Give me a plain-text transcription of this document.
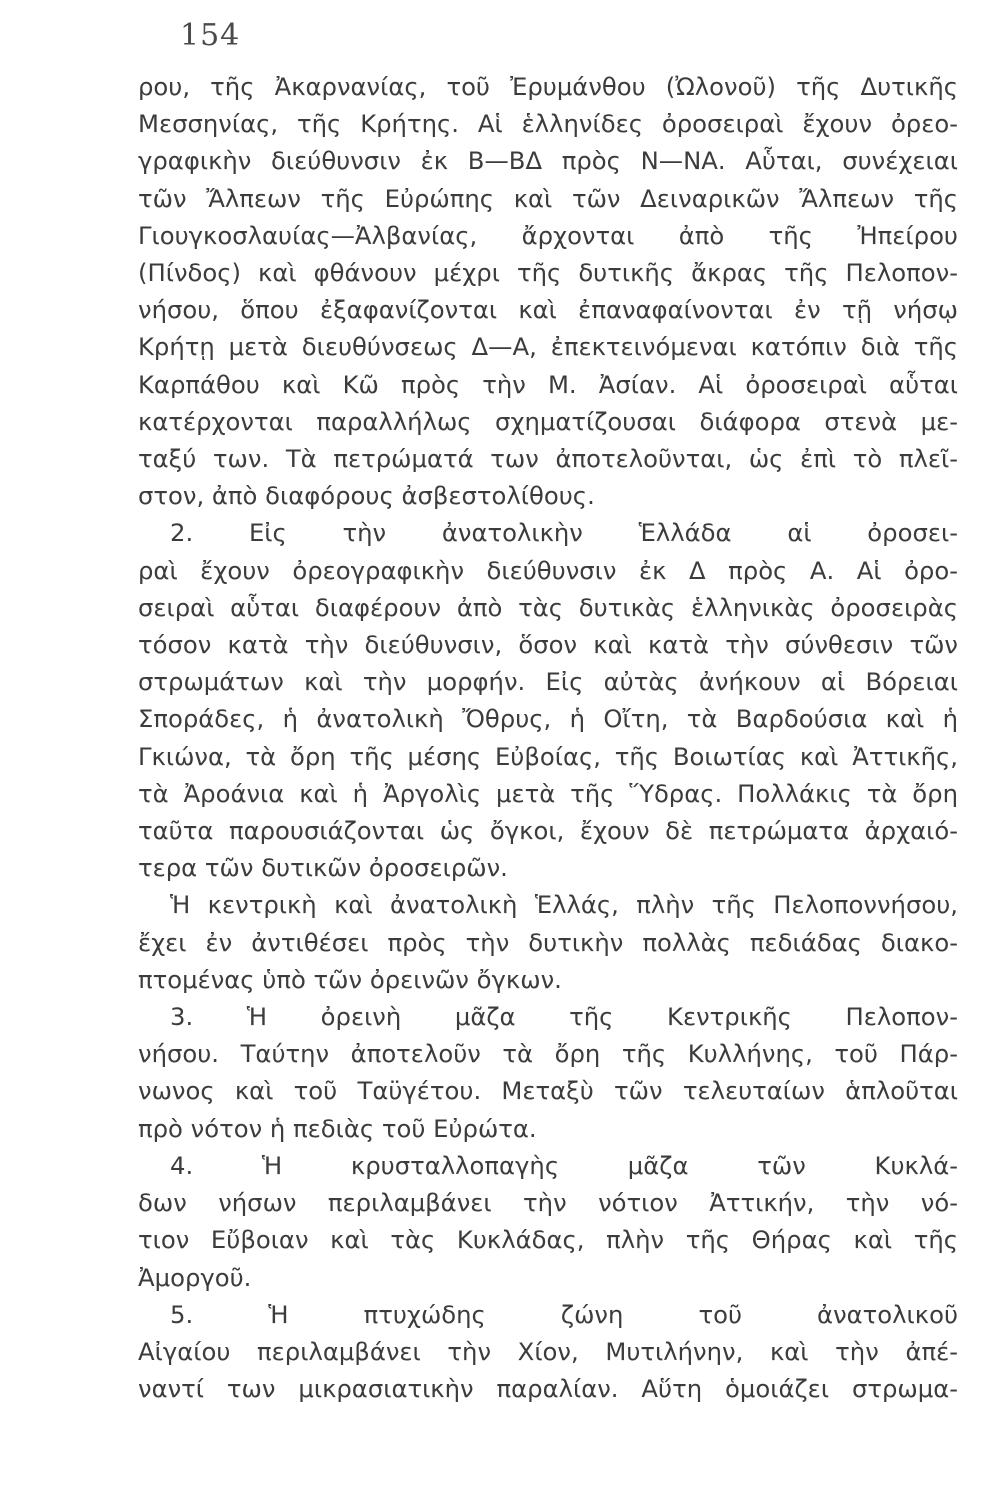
154
ρου, τῆς Ἀκαρνανίας, τοῦ Ἐρυμάνθου (Ὠλονοῦ) τῆς Δυτικῆς
Μεσσηνίας, τῆς Κρήτης. Αἱ ἑλληνίδες ὀροσειραὶ ἔχουν ὀρεο-
γραφικὴν διεύθυνσιν ἐκ Β—ΒΔ πρὸς Ν—ΝΑ. Αὗται, συνέχειαι
τῶν Ἄλπεων τῆς Εὐρώπης καὶ τῶν Δειναρικῶν Ἄλπεων τῆς
Γιουγκοσλαυίας—Ἀλβανίας, ἄρχονται ἀπὸ τῆς Ἠπείρου
(Πίνδος) καὶ φθάνουν μέχρι τῆς δυτικῆς ἄκρας τῆς Πελοπον-
νήσου, ὅπου ἐξαφανίζονται καὶ ἐπαναφαίνονται ἐν τῇ νήσῳ
Κρήτῃ μετὰ διευθύνσεως Δ—Α, ἐπεκτεινόμεναι κατόπιν διὰ τῆς
Καρπάθου καὶ Κῶ πρὸς τὴν Μ. Ἀσίαν. Αἱ ὀροσειραὶ αὗται
κατέρχονται παραλλήλως σχηματίζουσαι διάφορα στενὰ με-
ταξύ των. Τὰ πετρώματά των ἀποτελοῦνται, ὡς ἐπὶ τὸ πλεῖ-
στον, ἀπὸ διαφόρους ἀσβεστολίθους.
2. Εἰς τὴν ἀνατολικὴν Ἑλλάδα αἱ ὀροσει-
ραὶ ἔχουν ὀρεογραφικὴν διεύθυνσιν ἐκ Δ πρὸς Α. Αἱ ὀρο-
σειραὶ αὗται διαφέρουν ἀπὸ τὰς δυτικὰς ἑλληνικὰς ὀροσειρὰς
τόσον κατὰ τὴν διεύθυνσιν, ὅσον καὶ κατὰ τὴν σύνθεσιν τῶν
στρωμάτων καὶ τὴν μορφήν. Εἰς αὐτὰς ἀνήκουν αἱ Βόρειαι
Σποράδες, ἡ ἀνατολικὴ Ὄθρυς, ἡ Οἴτη, τὰ Βαρδούσια καὶ ἡ
Γκιώνα, τὰ ὄρη τῆς μέσης Εὐβοίας, τῆς Βοιωτίας καὶ Ἀττικῆς,
τὰ Ἀροάνια καὶ ἡ Ἀργολὶς μετὰ τῆς Ὕδρας. Πολλάκις τὰ ὄρη
ταῦτα παρουσιάζονται ὡς ὄγκοι, ἔχουν δὲ πετρώματα ἀρχαιό-
τερα τῶν δυτικῶν ὀροσειρῶν.
Ἡ κεντρικὴ καὶ ἀνατολικὴ Ἑλλάς, πλὴν τῆς Πελοποννήσου,
ἔχει ἐν ἀντιθέσει πρὸς τὴν δυτικὴν πολλὰς πεδιάδας διακο-
πτομένας ὑπὸ τῶν ὀρεινῶν ὄγκων.
3. Ἡ ὀρεινὴ μᾶζα τῆς Κεντρικῆς Πελοπον-
νήσου. Ταύτην ἀποτελοῦν τὰ ὄρη τῆς Κυλλήνης, τοῦ Πάρ-
νωνος καὶ τοῦ Ταϋγέτου. Μεταξὺ τῶν τελευταίων ἁπλοῦται
πρὸ νότον ἡ πεδιὰς τοῦ Εὐρώτα.
4. Ἡ κρυσταλλοπαγὴς μᾶζα τῶν Κυκλά-
δων νήσων περιλαμβάνει τὴν νότιον Ἀττικήν, τὴν νό-
τιον Εὔβοιαν καὶ τὰς Κυκλάδας, πλὴν τῆς Θήρας καὶ τῆς
Ἀμοργοῦ.
5. Ἡ πτυχώδης ζώνη τοῦ ἀνατολικοῦ
Αἰγαίου περιλαμβάνει τὴν Χίον, Μυτιλήνην, καὶ τὴν ἀπέ-
ναντί των μικρασιατικὴν παραλίαν. Αὕτη ὁμοιάζει στρωμα-
